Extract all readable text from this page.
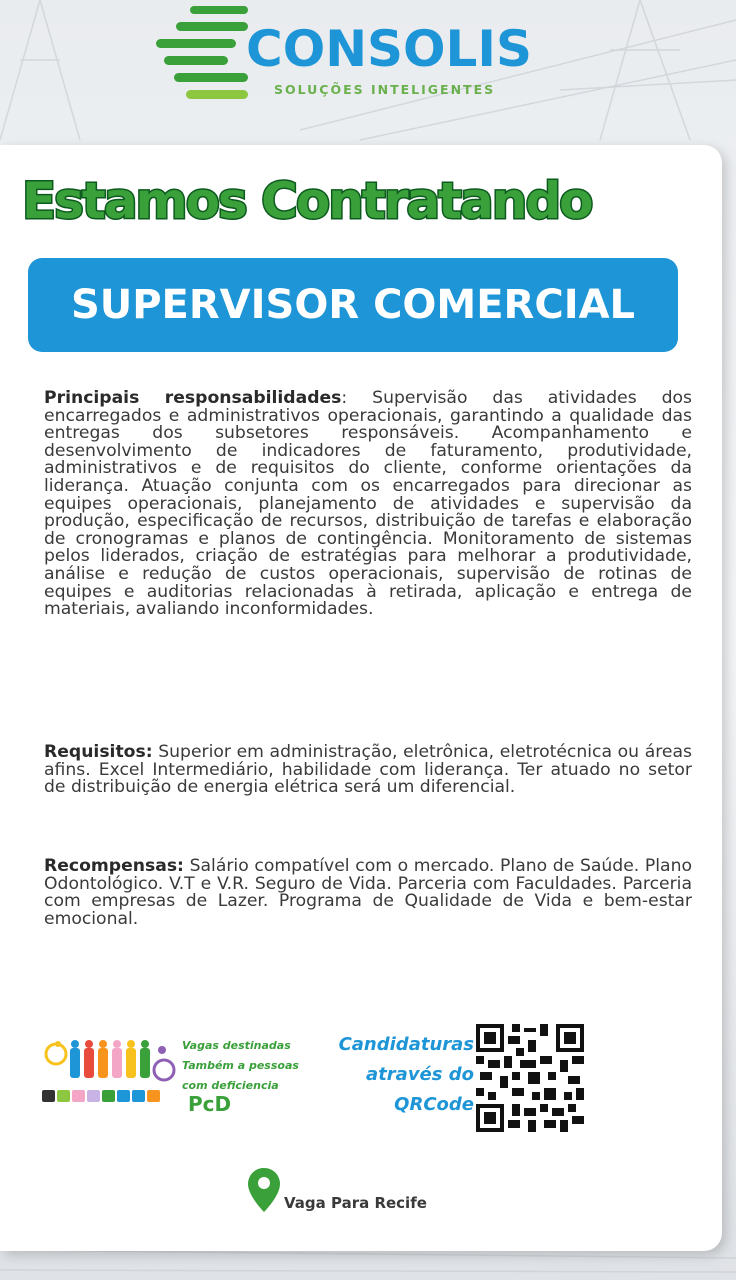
CONSOLIS
SOLUÇÕES INTELIGENTES
Estamos Contratando
SUPERVISOR COMERCIAL
Principais responsabilidades: Supervisão das atividades dos encarregados e administrativos operacionais, garantindo a qualidade das entregas dos subsetores responsáveis. Acompanhamento e desenvolvimento de indicadores de faturamento, produtividade, administrativos e de requisitos do cliente, conforme orientações da liderança. Atuação conjunta com os encarregados para direcionar as equipes operacionais, planejamento de atividades e supervisão da produção, especificação de recursos, distribuição de tarefas e elaboração de cronogramas e planos de contingência. Monitoramento de sistemas pelos liderados, criação de estratégias para melhorar a produtividade, análise e redução de custos operacionais, supervisão de rotinas de equipes e auditorias relacionadas à retirada, aplicação e entrega de materiais, avaliando inconformidades.
Requisitos: Superior em administração, eletrônica, eletrotécnica ou áreas afins. Excel Intermediário, habilidade com liderança. Ter atuado no setor de distribuição de energia elétrica será um diferencial.
Recompensas: Salário compatível com o mercado. Plano de Saúde. Plano Odontológico. V.T e V.R. Seguro de Vida. Parceria com Faculdades. Parceria com empresas de Lazer. Programa de Qualidade de Vida e bem-estar emocional.
Vagas destinadas
Também a pessoas
com deficiencia
PcD
Candidaturas
através do
QRCode
Vaga Para Recife
